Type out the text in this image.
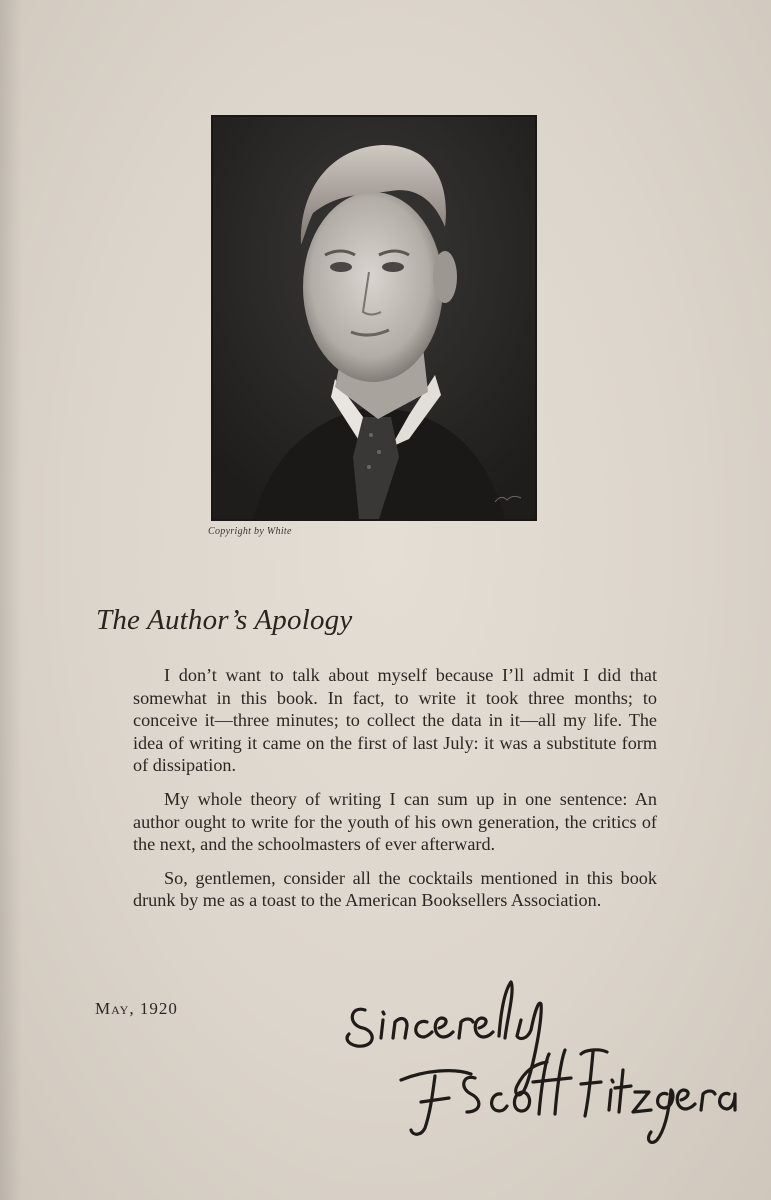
Copyright by White
The Author’s Apology

I don’t want to talk about myself because I’ll admit I did that somewhat in this book. In fact, to write it took three months; to conceive it—three minutes; to collect the data in it—all my life. The idea of writing it came on the first of last July: it was a substitute form of dissipation.

My whole theory of writing I can sum up in one sentence: An author ought to write for the youth of his own generation, the critics of the next, and the schoolmasters of ever afterward.

So, gentlemen, consider all the cocktails mentioned in this book drunk by me as a toast to the American Booksellers Association.

May, 1920
